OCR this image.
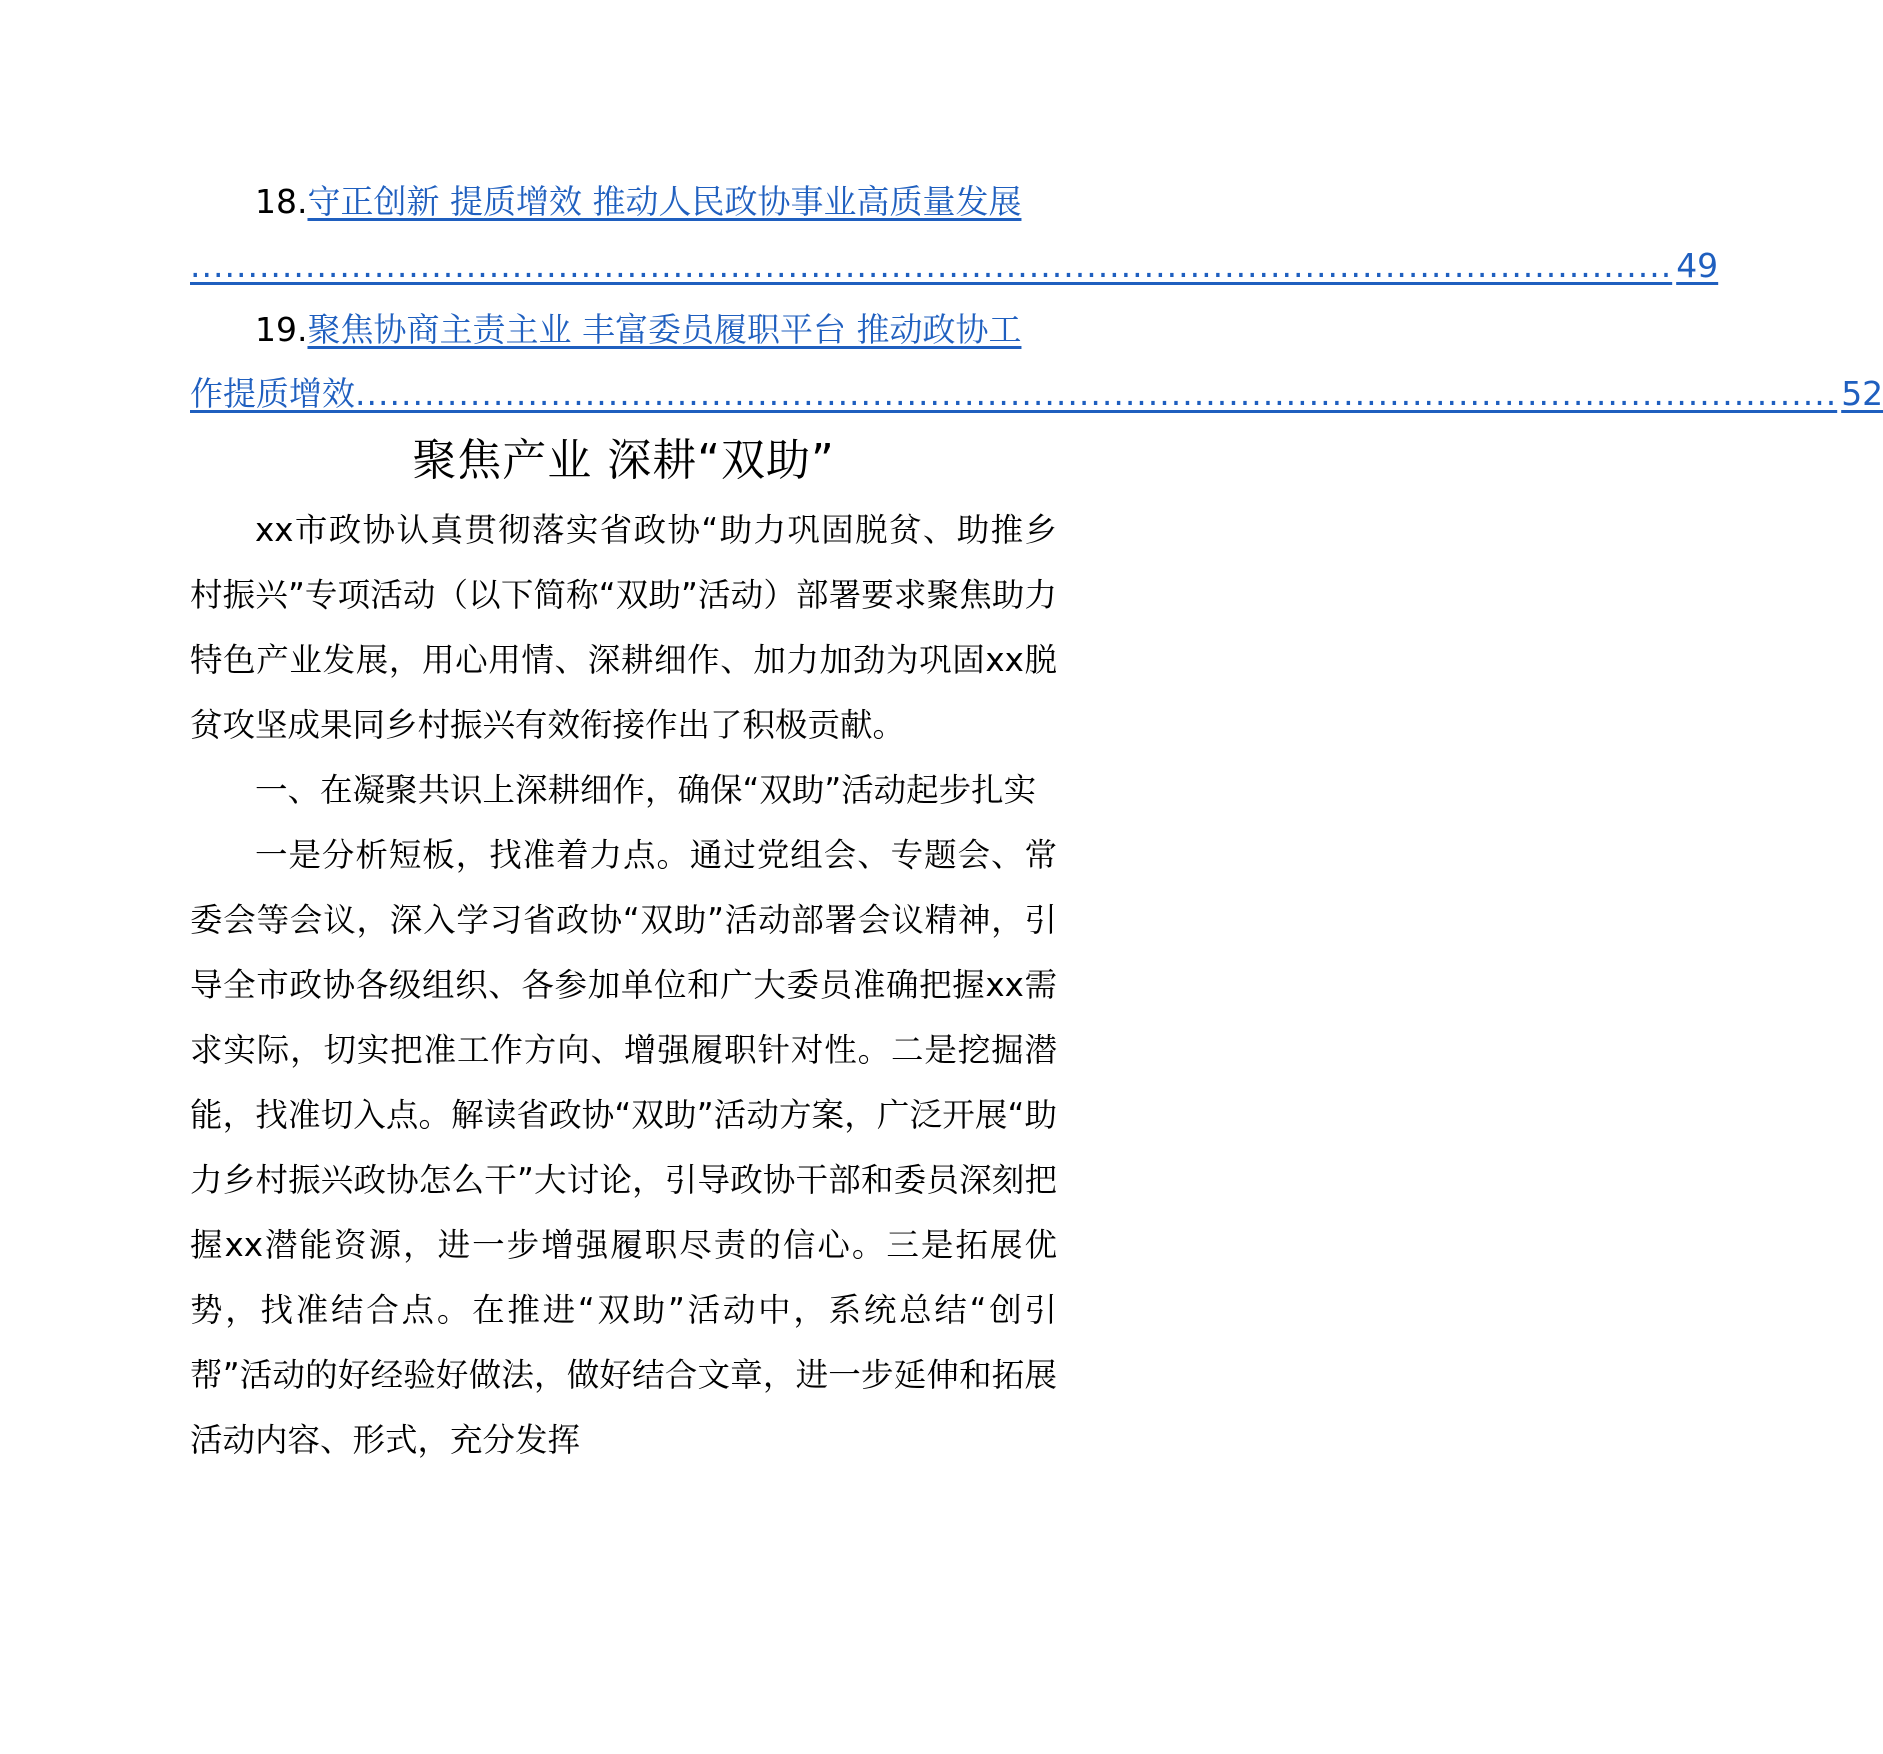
18.守正创新 提质增效 推动人民政协事业高质量发展
................................................................................................................................. 49
19.聚焦协商主责主业 丰富委员履职平台 推动政协工
作提质增效 ................................................................................................................................. 52
聚焦产业 深耕“双助”

xx市政协认真贯彻落实省政协“助力巩固脱贫、助推乡村振兴”专项活动（以下简称“双助”活动）部署要求聚焦助力特色产业发展，用心用情、深耕细作、加力加劲为巩固xx脱贫攻坚成果同乡村振兴有效衔接作出了积极贡献。

一、在凝聚共识上深耕细作，确保“双助”活动起步扎实

一是分析短板，找准着力点。通过党组会、专题会、常委会等会议，深入学习省政协“双助”活动部署会议精神，引导全市政协各级组织、各参加单位和广大委员准确把握xx需求实际，切实把准工作方向、增强履职针对性。二是挖掘潜能，找准切入点。解读省政协“双助”活动方案，广泛开展“助力乡村振兴政协怎么干”大讨论，引导政协干部和委员深刻把握xx潜能资源，进一步增强履职尽责的信心。三是拓展优势，找准结合点。在推进“双助”活动中，系统总结“创引帮”活动的好经验好做法，做好结合文章，进一步延伸和拓展活动内容、形式，充分发挥
